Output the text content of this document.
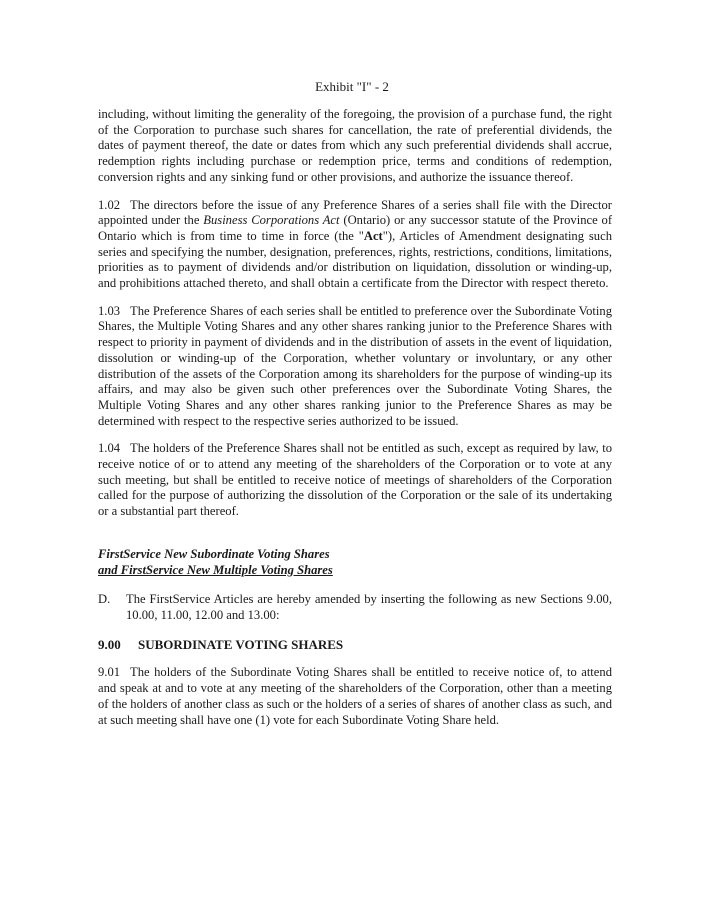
Exhibit "I" - 2

including, without limiting the generality of the foregoing, the provision of a purchase fund, the right of the Corporation to purchase such shares for cancellation, the rate of preferential dividends, the dates of payment thereof, the date or dates from which any such preferential dividends shall accrue, redemption rights including purchase or redemption price, terms and conditions of redemption, conversion rights and any sinking fund or other provisions, and authorize the issuance thereof.

1.02 The directors before the issue of any Preference Shares of a series shall file with the Director appointed under the Business Corporations Act (Ontario) or any successor statute of the Province of Ontario which is from time to time in force (the "Act"), Articles of Amendment designating such series and specifying the number, designation, preferences, rights, restrictions, conditions, limitations, priorities as to payment of dividends and/or distribution on liquidation, dissolution or winding-up, and prohibitions attached thereto, and shall obtain a certificate from the Director with respect thereto.

1.03 The Preference Shares of each series shall be entitled to preference over the Subordinate Voting Shares, the Multiple Voting Shares and any other shares ranking junior to the Preference Shares with respect to priority in payment of dividends and in the distribution of assets in the event of liquidation, dissolution or winding-up of the Corporation, whether voluntary or involuntary, or any other distribution of the assets of the Corporation among its shareholders for the purpose of winding-up its affairs, and may also be given such other preferences over the Subordinate Voting Shares, the Multiple Voting Shares and any other shares ranking junior to the Preference Shares as may be determined with respect to the respective series authorized to be issued.

1.04 The holders of the Preference Shares shall not be entitled as such, except as required by law, to receive notice of or to attend any meeting of the shareholders of the Corporation or to vote at any such meeting, but shall be entitled to receive notice of meetings of shareholders of the Corporation called for the purpose of authorizing the dissolution of the Corporation or the sale of its undertaking or a substantial part thereof.

FirstService New Subordinate Voting Shares
and FirstService New Multiple Voting Shares
D.	The FirstService Articles are hereby amended by inserting the following as new Sections 9.00, 10.00, 11.00, 12.00 and 13.00:
9.00 SUBORDINATE VOTING SHARES

9.01 The holders of the Subordinate Voting Shares shall be entitled to receive notice of, to attend and speak at and to vote at any meeting of the shareholders of the Corporation, other than a meeting of the holders of another class as such or the holders of a series of shares of another class as such, and at such meeting shall have one (1) vote for each Subordinate Voting Share held.
